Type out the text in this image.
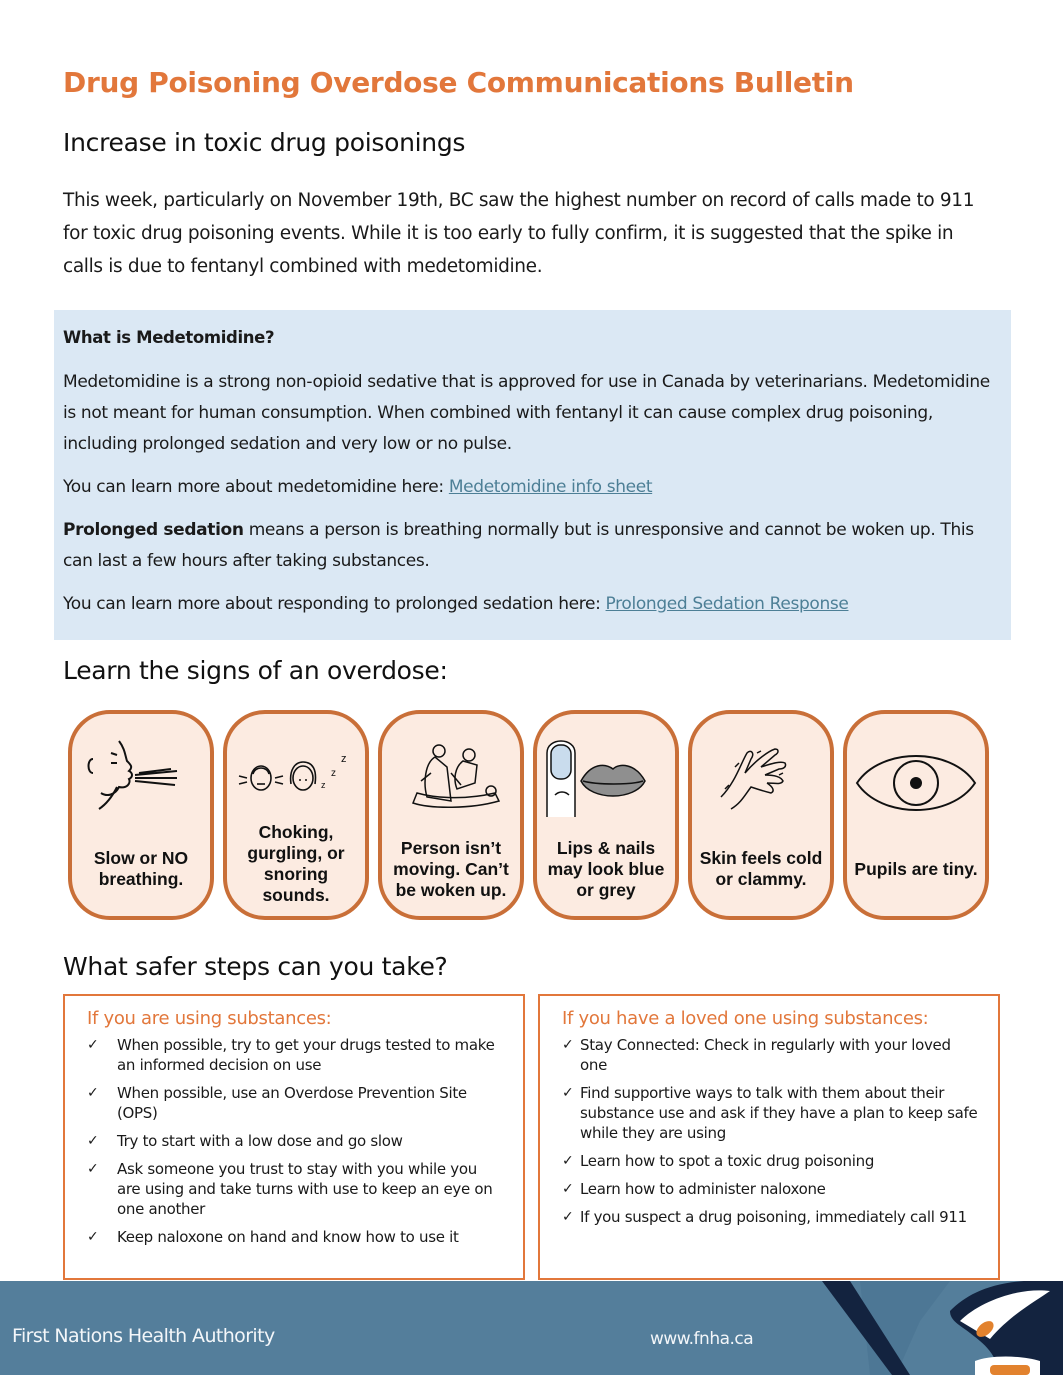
Drug Poisoning Overdose Communications Bulletin
Increase in toxic drug poisonings
This week, particularly on November 19th, BC saw the highest number on record of calls made to 911 for toxic drug poisoning events. While it is too early to fully confirm, it is suggested that the spike in calls is due to fentanyl combined with medetomidine.
What is Medetomidine?

Medetomidine is a strong non-opioid sedative that is approved for use in Canada by veterinarians. Medetomidine is not meant for human consumption. When combined with fentanyl it can cause complex drug poisoning, including prolonged sedation and very low or no pulse.

You can learn more about medetomidine here: Medetomidine info sheet

Prolonged sedation means a person is breathing normally but is unresponsive and cannot be woken up. This can last a few hours after taking substances.

You can learn more about responding to prolonged sedation here: Prolonged Sedation Response

Learn the signs of an overdose:
Slow or NO breathing.
z
z
z
Choking, gurgling, or snoring sounds.
Person isn’t moving. Can’t be woken up.
Lips & nails may look blue or grey
Skin feels cold or clammy.
Pupils are tiny.
What safer steps can you take?
If you are using substances:
✓	When possible, try to get your drugs tested to make an informed decision on use
✓	When possible, use an Overdose Prevention Site (OPS)
✓	Try to start with a low dose and go slow
✓	Ask someone you trust to stay with you while you are using and take turns with use to keep an eye on one another
✓	Keep naloxone on hand and know how to use it
If you have a loved one using substances:
✓ Stay Connected: Check in regularly with your loved one
✓ Find supportive ways to talk with them about their substance use and ask if they have a plan to keep safe while they are using
✓ Learn how to spot a toxic drug poisoning
✓ Learn how to administer naloxone
✓ If you suspect a drug poisoning, immediately call 911
First Nations Health Authority	www.fnha.ca
